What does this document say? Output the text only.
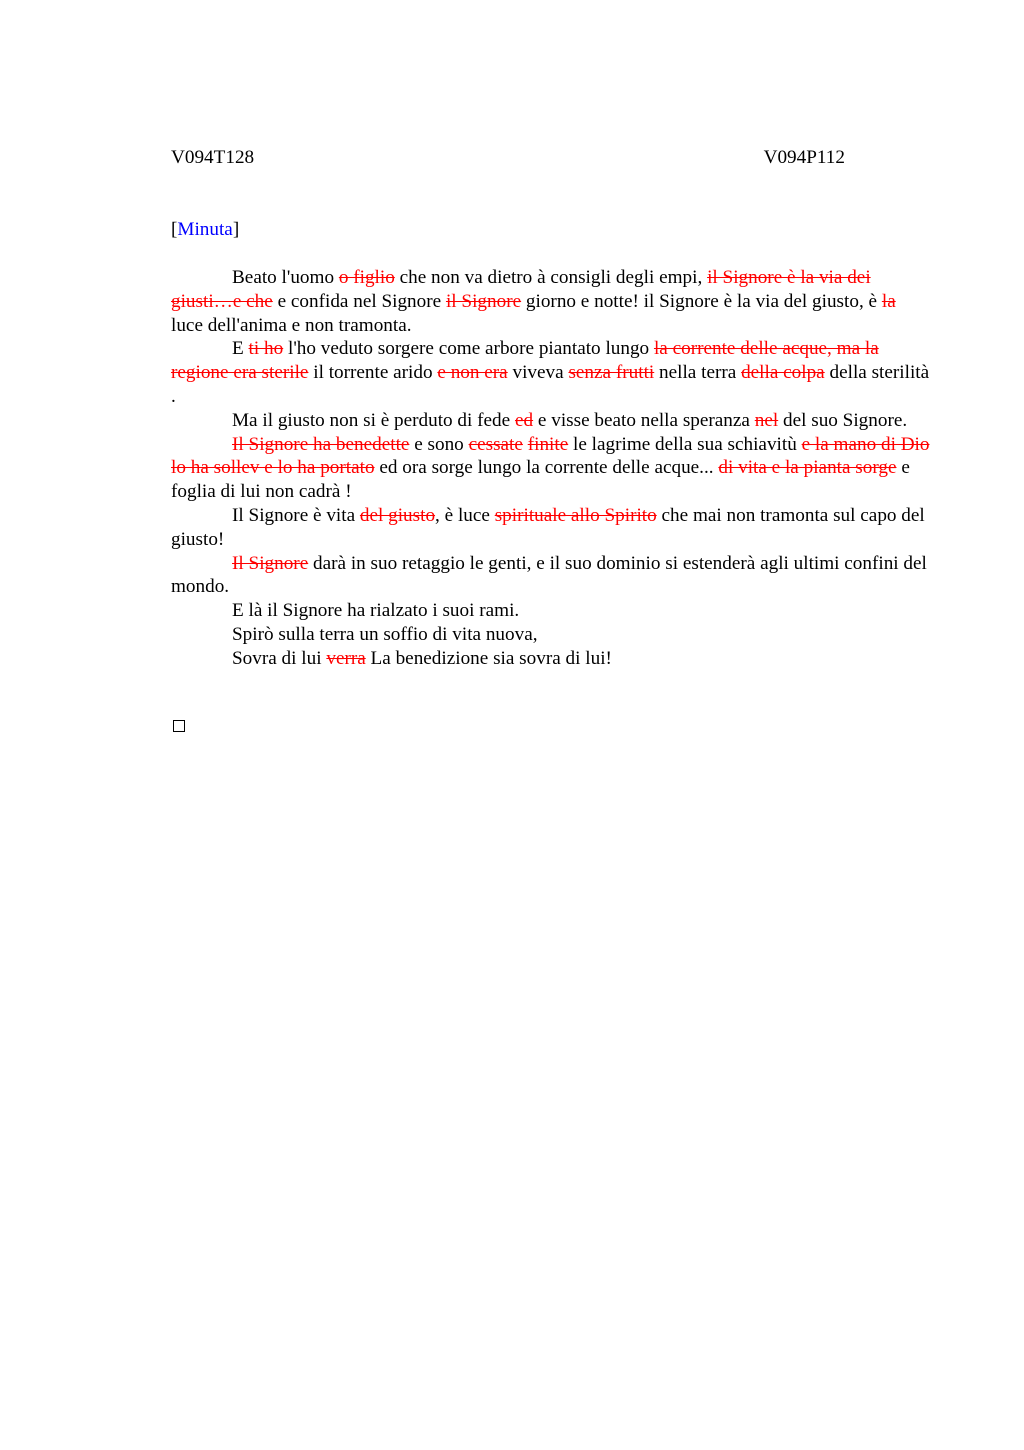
V094T128	V094P112
[Minuta]

Beato l'uomo o figlio che non va dietro à consigli degli empi, il Signore è la via dei giusti…e che e confida nel Signore il Signore giorno e notte! il Signore è la via del giusto, è la luce dell'anima e non tramonta.

E ti ho l'ho veduto sorgere come arbore piantato lungo la corrente delle acque, ma la regione era sterile il torrente arido e non era viveva senza frutti nella terra della colpa della sterilità .

Ma il giusto non si è perduto di fede ed e visse beato nella speranza nel del suo Signore.

Il Signore ha benedette e sono cessate finite le lagrime della sua schiavitù e la mano di Dio lo ha sollev e lo ha portato ed ora sorge lungo la corrente delle acque... di vita e la pianta sorge e foglia di lui non cadrà !

Il Signore è vita del giusto, è luce spirituale allo Spirito che mai non tramonta sul capo del giusto!

Il Signore darà in suo retaggio le genti, e il suo dominio si estenderà agli ultimi confini del mondo.

E là il Signore ha rialzato i suoi rami.

Spirò sulla terra un soffio di vita nuova,

Sovra di lui verra La benedizione sia sovra di lui!
